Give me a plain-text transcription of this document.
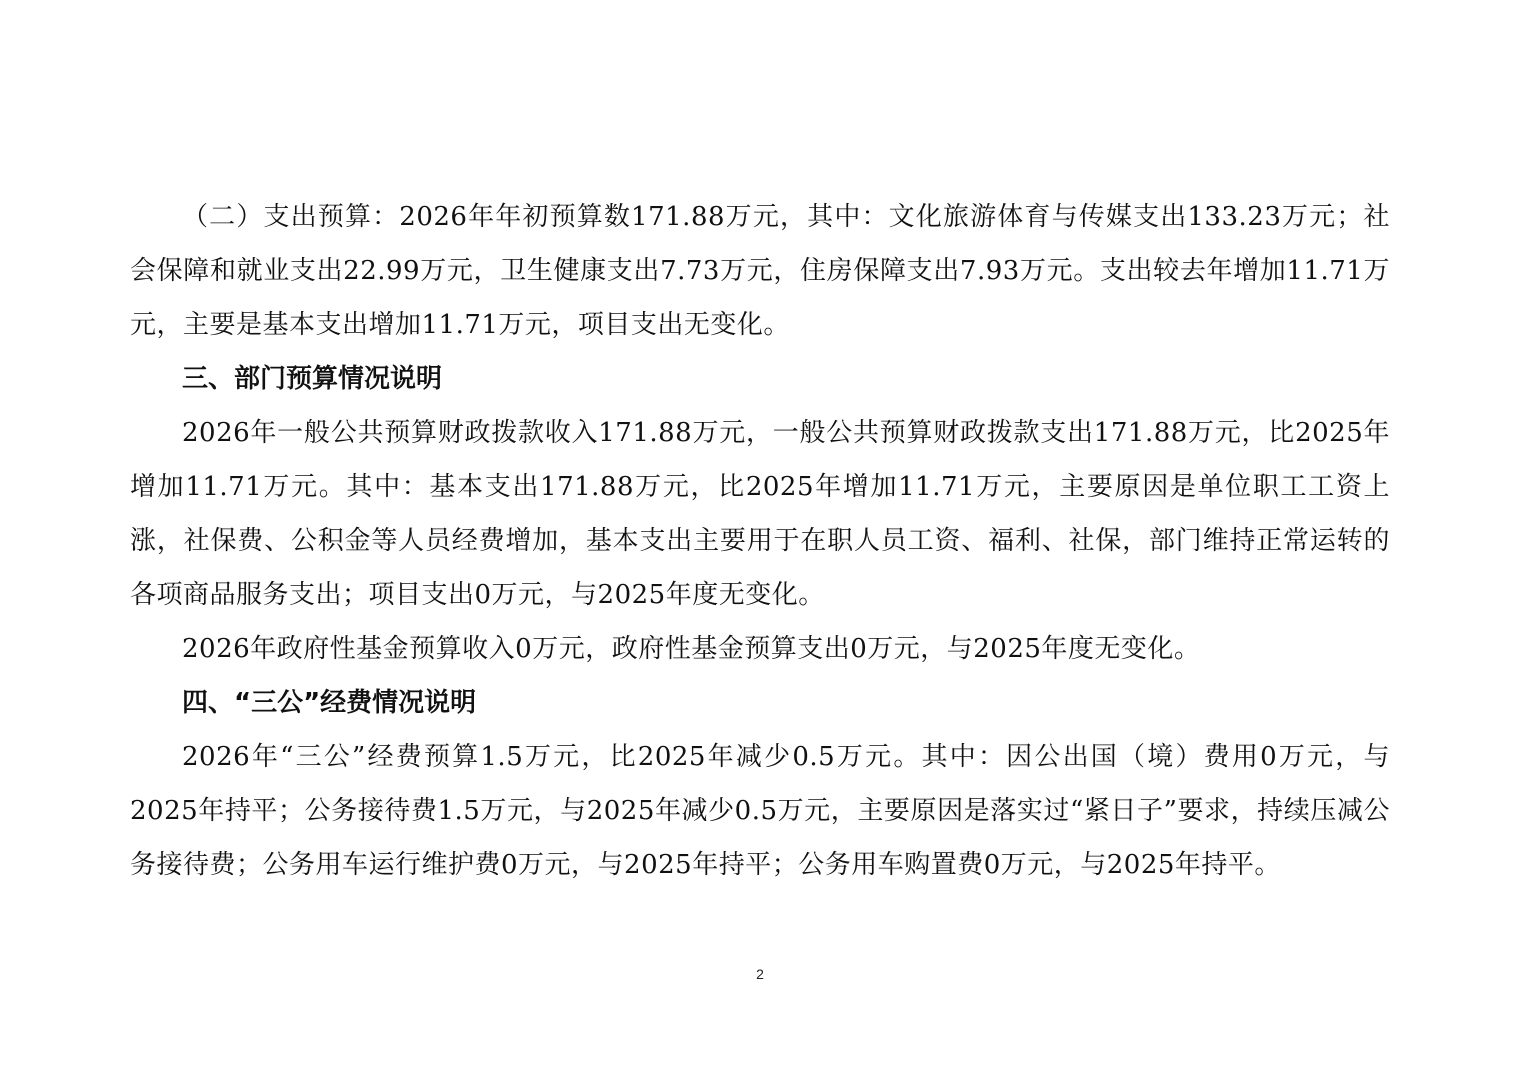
（二）支出预算：2026年年初预算数171.88万元，其中：文化旅游体育与传媒支出133.23万元；社会保障和就业支出22.99万元，卫生健康支出7.73万元，住房保障支出7.93万元。支出较去年增加11.71万元，主要是基本支出增加11.71万元，项目支出无变化。

三、部门预算情况说明

2026年一般公共预算财政拨款收入171.88万元，一般公共预算财政拨款支出171.88万元，比2025年增加11.71万元。其中：基本支出171.88万元，比2025年增加11.71万元，主要原因是单位职工工资上涨，社保费、公积金等人员经费增加，基本支出主要用于在职人员工资、福利、社保，部门维持正常运转的各项商品服务支出；项目支出0万元，与2025年度无变化。

2026年政府性基金预算收入0万元，政府性基金预算支出0万元，与2025年度无变化。

四、“三公”经费情况说明

2026年“三公”经费预算1.5万元，比2025年减少0.5万元。其中：因公出国（境）费用0万元，与2025年持平；公务接待费1.5万元，与2025年减少0.5万元，主要原因是落实过“紧日子”要求，持续压减公务接待费；公务用车运行维护费0万元，与2025年持平；公务用车购置费0万元，与2025年持平。

2
